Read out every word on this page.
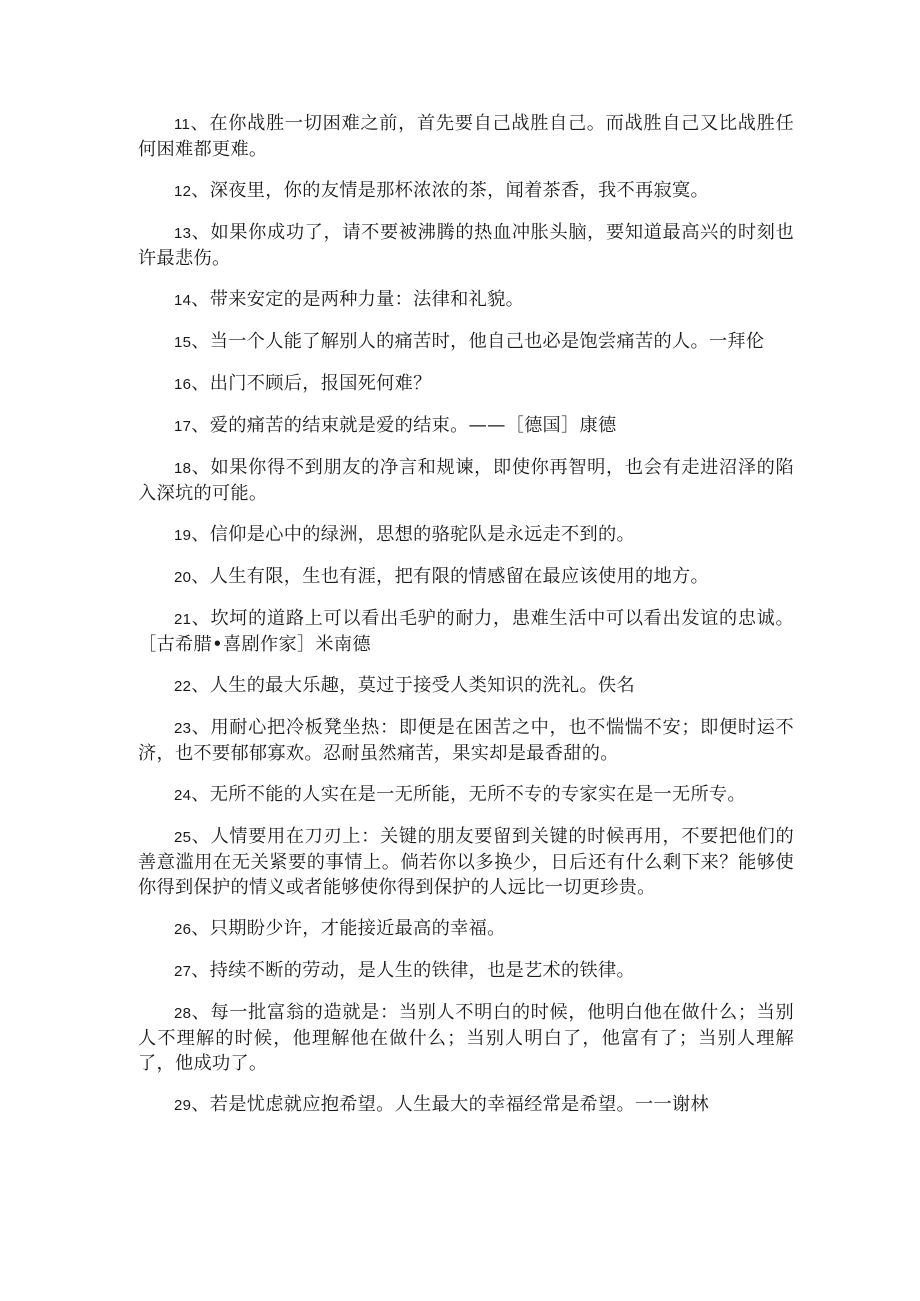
11、在你战胜一切困难之前，首先要自己战胜自己。而战胜自己又比战胜任何困难都更难。

12、深夜里，你的友情是那杯浓浓的茶，闻着茶香，我不再寂寞。

13、如果你成功了，请不要被沸腾的热血冲胀头脑，要知道最高兴的时刻也许最悲伤。

14、带来安定的是两种力量：法律和礼貌。

15、当一个人能了解别人的痛苦时，他自己也必是饱尝痛苦的人。一拜伦

16、出门不顾后，报国死何难？

17、爱的痛苦的结束就是爱的结束。——［德国］康德

18、如果你得不到朋友的净言和规谏，即使你再智明，也会有走进沼泽的陷入深坑的可能。

19、信仰是心中的绿洲，思想的骆驼队是永远走不到的。

20、人生有限，生也有涯，把有限的情感留在最应该使用的地方。

21、坎坷的道路上可以看出毛驴的耐力，患难生活中可以看出发谊的忠诚。［古希腊•喜剧作家］米南德

22、人生的最大乐趣，莫过于接受人类知识的洗礼。佚名

23、用耐心把冷板凳坐热：即便是在困苦之中，也不惴惴不安；即便时运不济，也不要郁郁寡欢。忍耐虽然痛苦，果实却是最香甜的。

24、无所不能的人实在是一无所能，无所不专的专家实在是一无所专。

25、人情要用在刀刃上：关键的朋友要留到关键的时候再用，不要把他们的善意滥用在无关紧要的事情上。倘若你以多换少，日后还有什么剩下来？能够使你得到保护的情义或者能够使你得到保护的人远比一切更珍贵。

26、只期盼少许，才能接近最高的幸福。

27、持续不断的劳动，是人生的铁律，也是艺术的铁律。

28、每一批富翁的造就是：当别人不明白的时候，他明白他在做什么；当别人不理解的时候，他理解他在做什么；当别人明白了，他富有了；当别人理解了，他成功了。

29、若是忧虑就应抱希望。人生最大的幸福经常是希望。一一谢林
